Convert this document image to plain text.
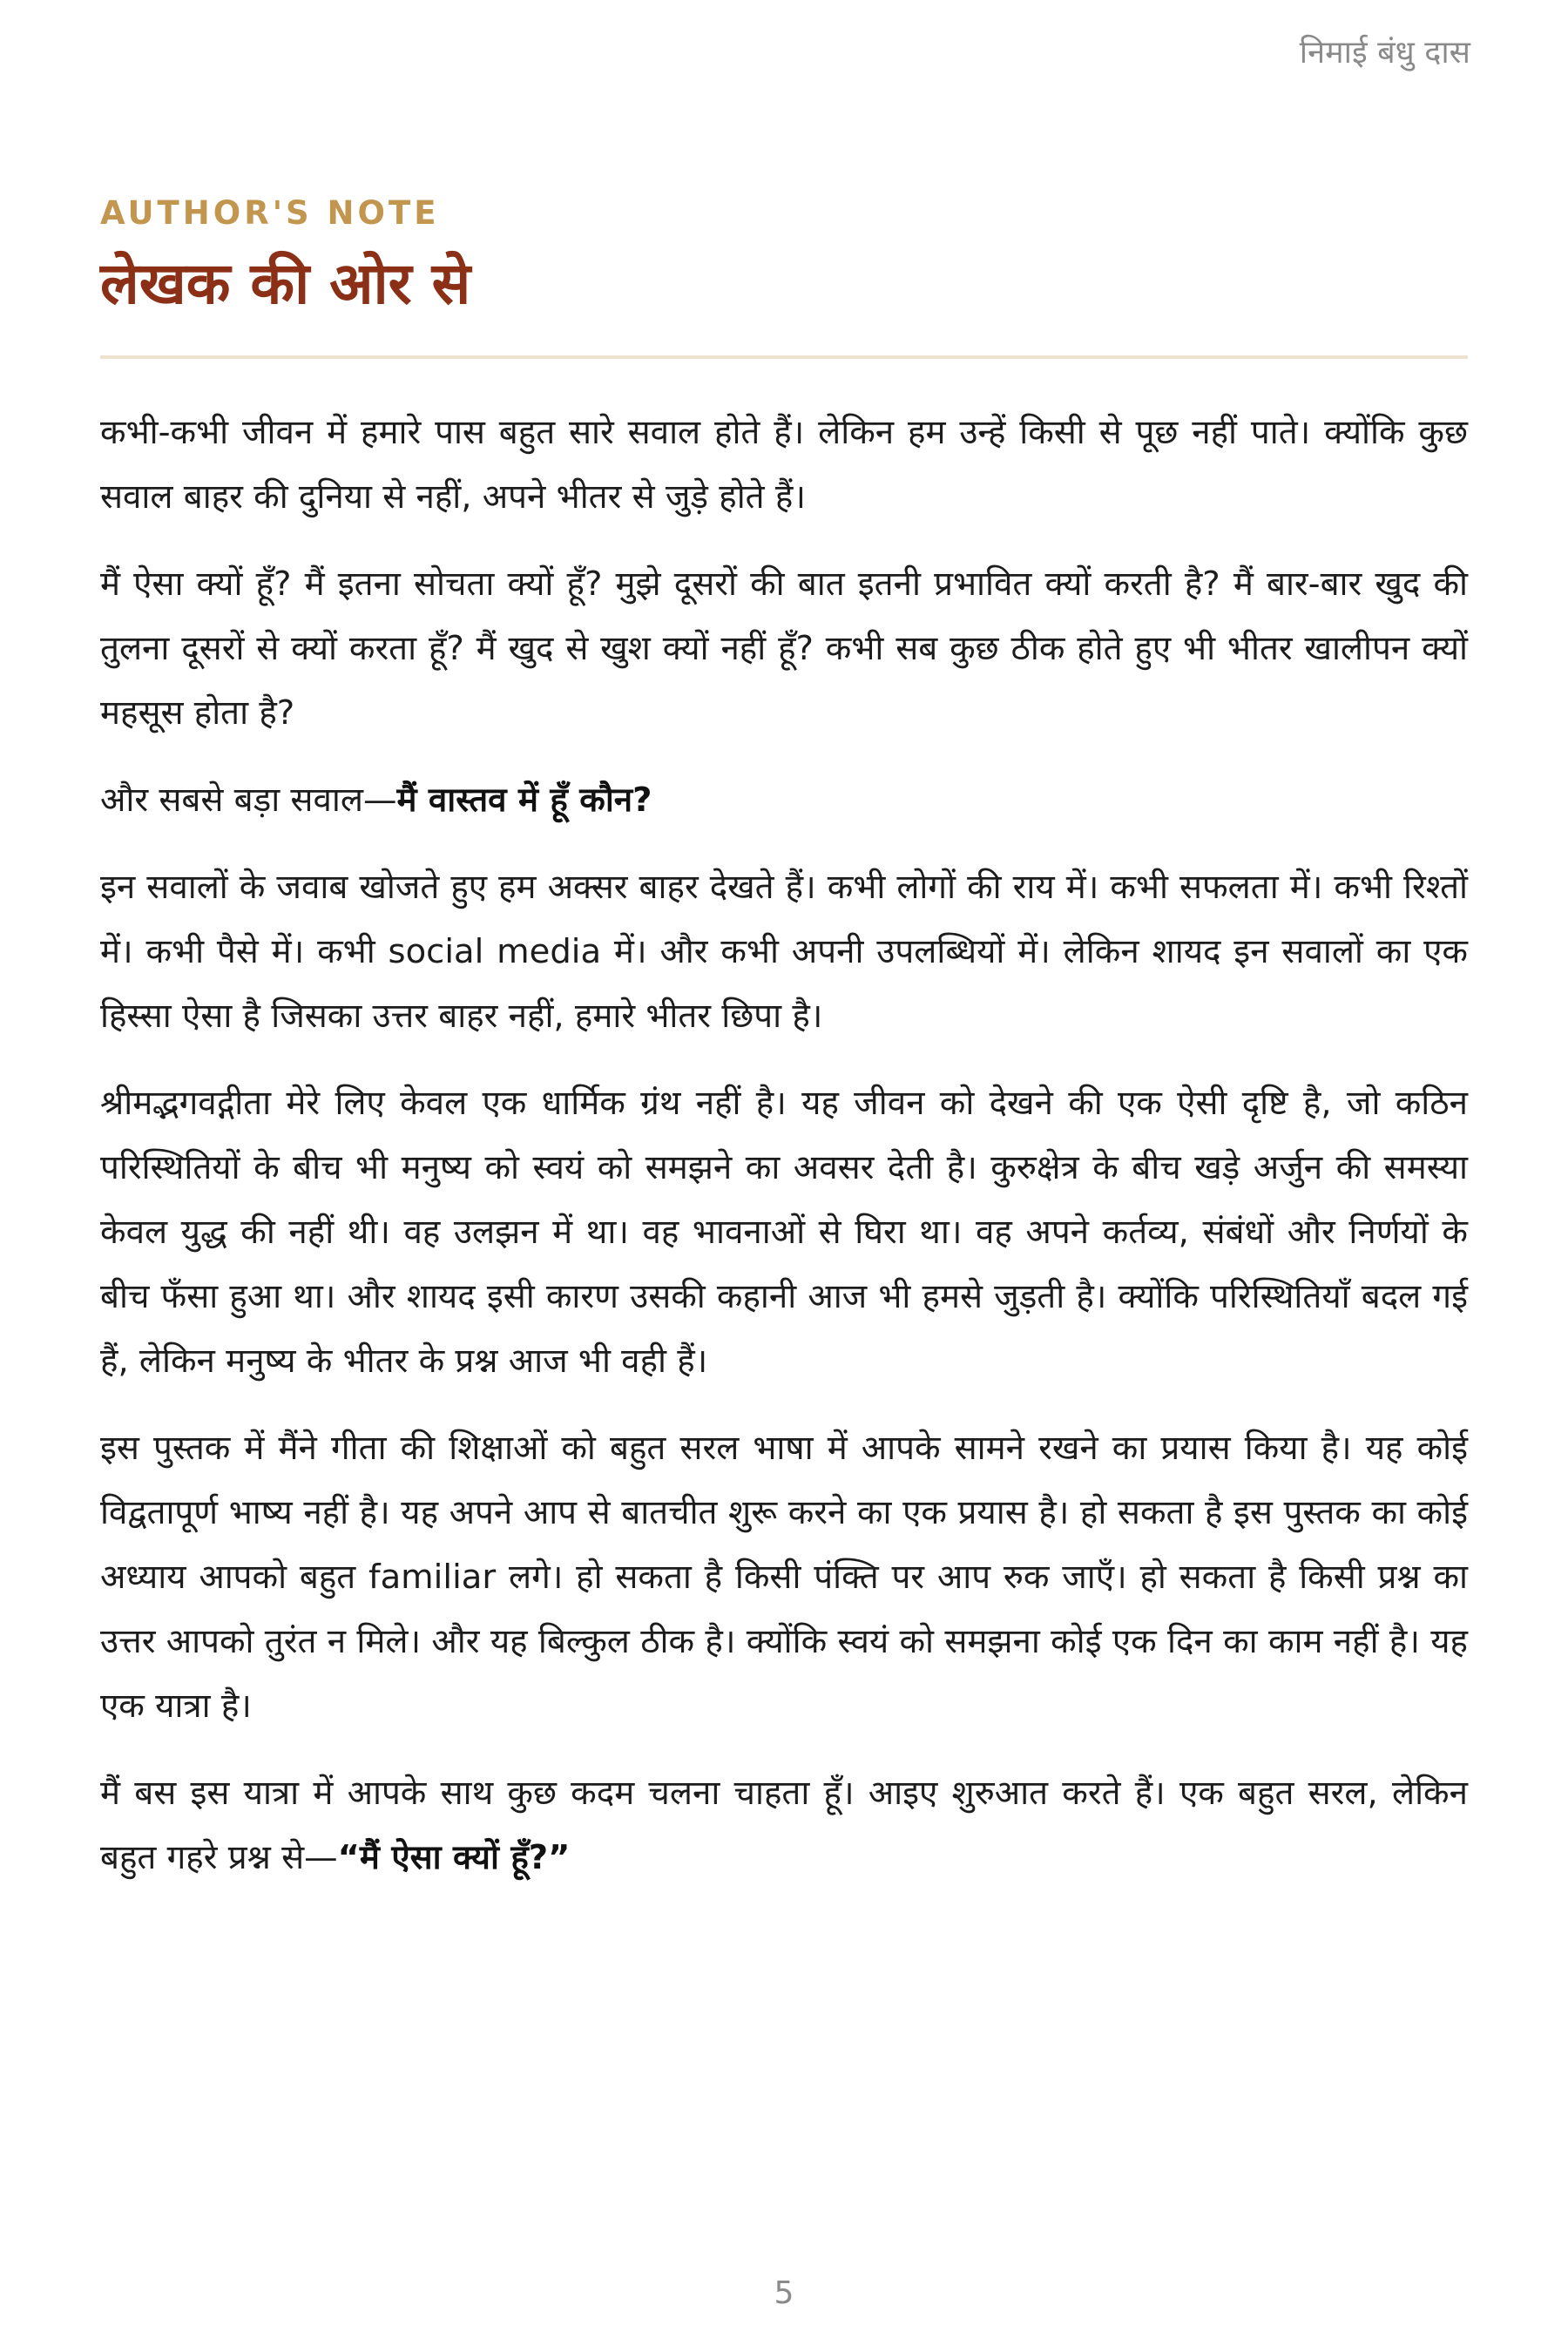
निमाई बंधु दास

AUTHOR'S NOTE

लेखक की ओर से

कभी-कभी जीवन में हमारे पास बहुत सारे सवाल होते हैं। लेकिन हम उन्हें किसी से पूछ नहीं पाते। क्योंकि कुछ सवाल बाहर की दुनिया से नहीं, अपने भीतर से जुड़े होते हैं।

मैं ऐसा क्यों हूँ? मैं इतना सोचता क्यों हूँ? मुझे दूसरों की बात इतनी प्रभावित क्यों करती है? मैं बार-बार खुद की तुलना दूसरों से क्यों करता हूँ? मैं खुद से खुश क्यों नहीं हूँ? कभी सब कुछ ठीक होते हुए भी भीतर खालीपन क्यों महसूस होता है?

और सबसे बड़ा सवाल—मैं वास्तव में हूँ कौन?

इन सवालों के जवाब खोजते हुए हम अक्सर बाहर देखते हैं। कभी लोगों की राय में। कभी सफलता में। कभी रिश्तों में। कभी पैसे में। कभी social media में। और कभी अपनी उपलब्धियों में। लेकिन शायद इन सवालों का एक हिस्सा ऐसा है जिसका उत्तर बाहर नहीं, हमारे भीतर छिपा है।

श्रीमद्भगवद्गीता मेरे लिए केवल एक धार्मिक ग्रंथ नहीं है। यह जीवन को देखने की एक ऐसी दृष्टि है, जो कठिन परिस्थितियों के बीच भी मनुष्य को स्वयं को समझने का अवसर देती है। कुरुक्षेत्र के बीच खड़े अर्जुन की समस्या केवल युद्ध की नहीं थी। वह उलझन में था। वह भावनाओं से घिरा था। वह अपने कर्तव्य, संबंधों और निर्णयों के बीच फँसा हुआ था। और शायद इसी कारण उसकी कहानी आज भी हमसे जुड़ती है। क्योंकि परिस्थितियाँ बदल गई हैं, लेकिन मनुष्य के भीतर के प्रश्न आज भी वही हैं।

इस पुस्तक में मैंने गीता की शिक्षाओं को बहुत सरल भाषा में आपके सामने रखने का प्रयास किया है। यह कोई विद्वतापूर्ण भाष्य नहीं है। यह अपने आप से बातचीत शुरू करने का एक प्रयास है। हो सकता है इस पुस्तक का कोई अध्याय आपको बहुत familiar लगे। हो सकता है किसी पंक्ति पर आप रुक जाएँ। हो सकता है किसी प्रश्न का उत्तर आपको तुरंत न मिले। और यह बिल्कुल ठीक है। क्योंकि स्वयं को समझना कोई एक दिन का काम नहीं है। यह एक यात्रा है।

मैं बस इस यात्रा में आपके साथ कुछ कदम चलना चाहता हूँ। आइए शुरुआत करते हैं। एक बहुत सरल, लेकिन बहुत गहरे प्रश्न से—“मैं ऐसा क्यों हूँ?”

5
